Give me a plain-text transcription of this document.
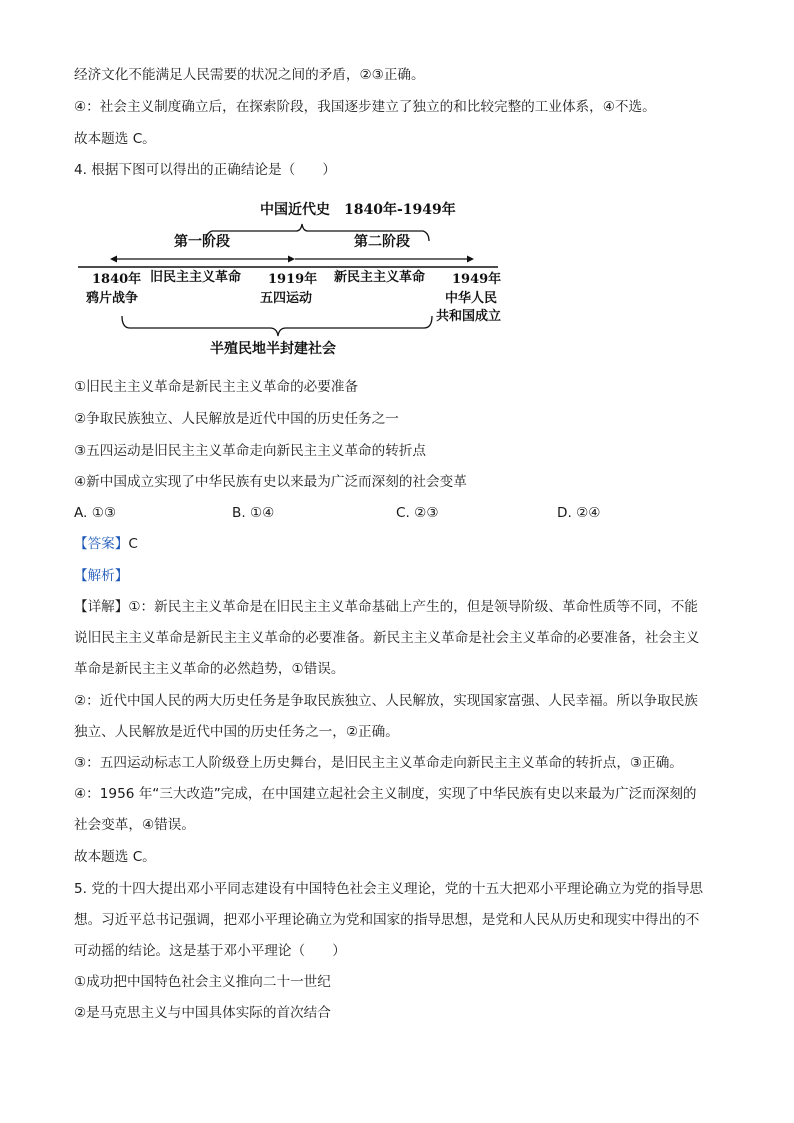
经济文化不能满足人民需要的状况之间的矛盾，②③正确。
④：社会主义制度确立后，在探索阶段，我国逐步建立了独立的和比较完整的工业体系，④不选。
故本题选 C。
4. 根据下图可以得出的正确结论是（　　）
中国近代史　1840年-1949年
第一阶段	第二阶段
1840年 旧民主主义革命 1919年 新民主主义革命 1949年
鸦片战争	五四运动	中华人民
共和国成立
半殖民地半封建社会
①旧民主主义革命是新民主主义革命的必要准备
②争取民族独立、人民解放是近代中国的历史任务之一
③五四运动是旧民主主义革命走向新民主主义革命的转折点
④新中国成立实现了中华民族有史以来最为广泛而深刻的社会变革
A. ①③	B. ①④	C. ②③	D. ②④
【答案】C
【解析】
【详解】①：新民主主义革命是在旧民主主义革命基础上产生的，但是领导阶级、革命性质等不同，不能
说旧民主主义革命是新民主主义革命的必要准备。新民主主义革命是社会主义革命的必要准备，社会主义
革命是新民主主义革命的必然趋势，①错误。
②：近代中国人民的两大历史任务是争取民族独立、人民解放，实现国家富强、人民幸福。所以争取民族
独立、人民解放是近代中国的历史任务之一，②正确。
③：五四运动标志工人阶级登上历史舞台，是旧民主主义革命走向新民主主义革命的转折点，③正确。
④：1956 年“三大改造”完成，在中国建立起社会主义制度，实现了中华民族有史以来最为广泛而深刻的
社会变革，④错误。
故本题选 C。
5. 党的十四大提出邓小平同志建设有中国特色社会主义理论，党的十五大把邓小平理论确立为党的指导思
想。习近平总书记强调，把邓小平理论确立为党和国家的指导思想，是党和人民从历史和现实中得出的不
可动摇的结论。这是基于邓小平理论（　　）
①成功把中国特色社会主义推向二十一世纪
②是马克思主义与中国具体实际的首次结合
